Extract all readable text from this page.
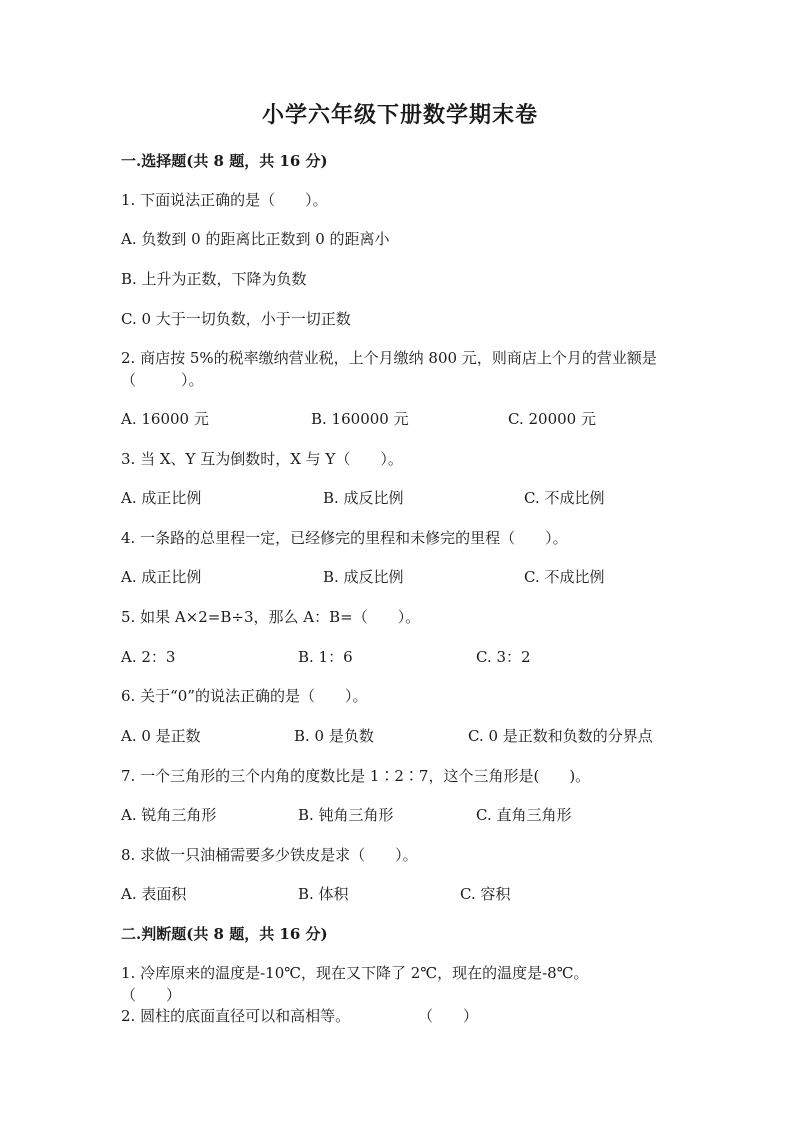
小学六年级下册数学期末卷
一.选择题(共 8 题，共 16 分)
1. 下面说法正确的是（　　）。
A. 负数到 0 的距离比正数到 0 的距离小
B. 上升为正数，下降为负数
C. 0 大于一切负数，小于一切正数
2. 商店按 5%的税率缴纳营业税，上个月缴纳 800 元，则商店上个月的营业额是
（　　　）。
A. 16000 元	B. 160000 元	C. 20000 元
3. 当 X、Y 互为倒数时，X 与 Y（　　）。
A. 成正比例	B. 成反比例	C. 不成比例
4. 一条路的总里程一定，已经修完的里程和未修完的里程（　　）。
A. 成正比例	B. 成反比例	C. 不成比例
5. 如果 A×2=B÷3，那么 A：B=（　　）。
A. 2：3	B. 1：6	C. 3：2
6. 关于“0”的说法正确的是（　　）。
A. 0 是正数	B. 0 是负数	C. 0 是正数和负数的分界点
7. 一个三角形的三个内角的度数比是 1∶2∶7，这个三角形是(　　)。
A. 锐角三角形	B. 钝角三角形	C. 直角三角形
8. 求做一只油桶需要多少铁皮是求（　　）。
A. 表面积	B. 体积	C. 容积
二.判断题(共 8 题，共 16 分)
1. 冷库原来的温度是-10℃，现在又下降了 2℃，现在的温度是-8℃。
（　　）
2. 圆柱的底面直径可以和高相等。	（　　）
